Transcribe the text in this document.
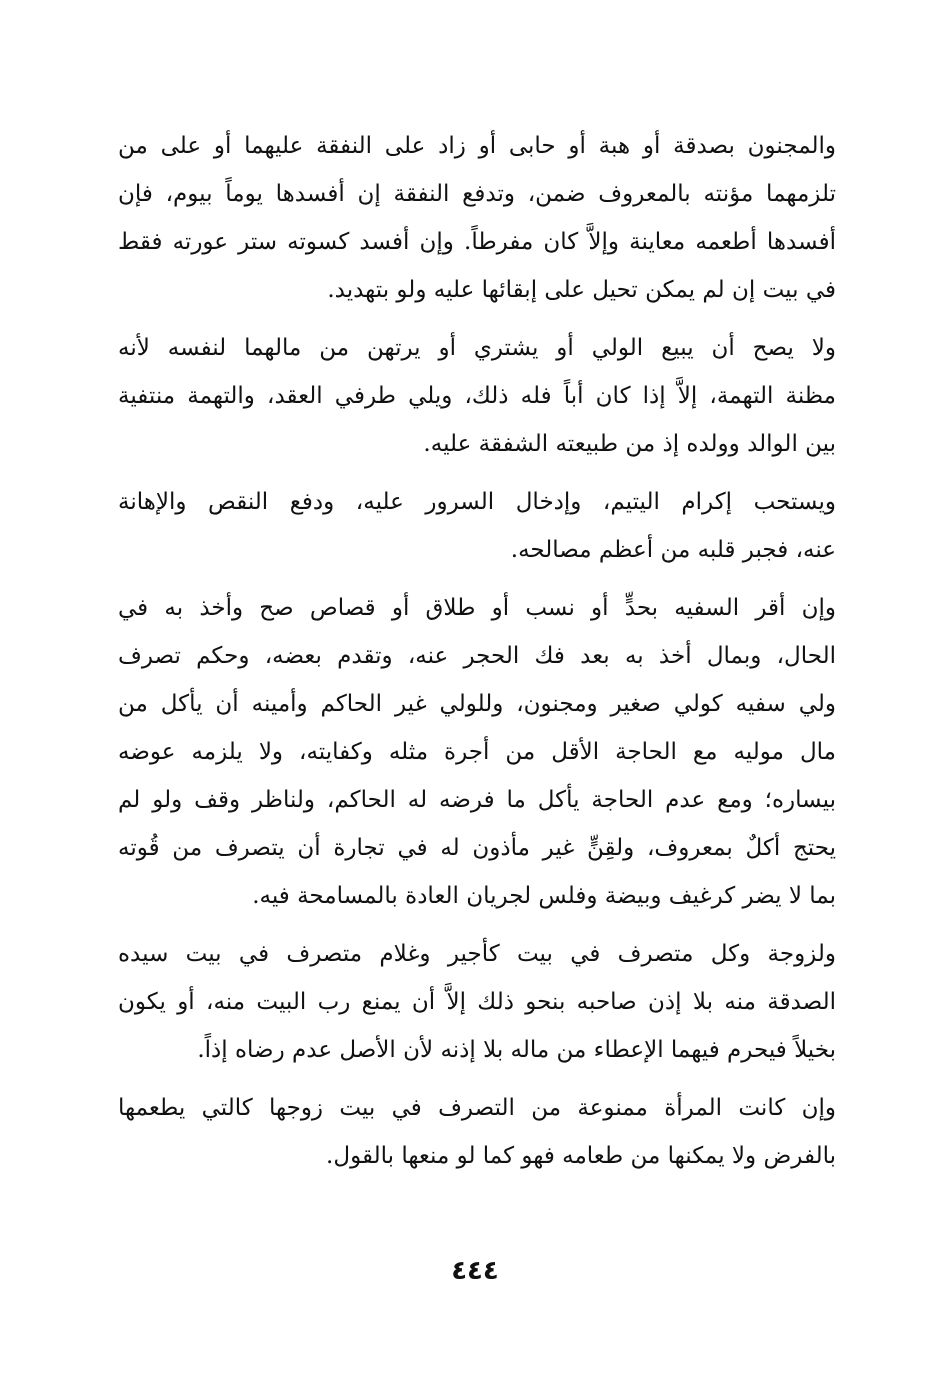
والمجنون بصدقة أو هبة أو حابى أو زاد على النفقة عليهما أو على من
تلزمهما مؤنته بالمعروف ضمن، وتدفع النفقة إن أفسدها يوماً بيوم، فإن
أفسدها أطعمه معاينة وإلاَّ كان مفرطاً. وإن أفسد كسوته ستر عورته فقط
في بيت إن لم يمكن تحيل على إبقائها عليه ولو بتهديد.
ولا يصح أن يبيع الولي أو يشتري أو يرتهن من مالهما لنفسه لأنه
مظنة التهمة، إلاَّ إذا كان أباً فله ذلك، ويلي طرفي العقد، والتهمة منتفية
بين الوالد وولده إذ من طبيعته الشفقة عليه.
ويستحب إكرام اليتيم، وإدخال السرور عليه، ودفع النقص والإهانة
عنه، فجبر قلبه من أعظم مصالحه.
وإن أقر السفيه بحدٍّ أو نسب أو طلاق أو قصاص صح وأخذ به في
الحال، وبمال أخذ به بعد فك الحجر عنه، وتقدم بعضه، وحكم تصرف
ولي سفيه كولي صغير ومجنون، وللولي غير الحاكم وأمينه أن يأكل من
مال موليه مع الحاجة الأقل من أجرة مثله وكفايته، ولا يلزمه عوضه
بيساره؛ ومع عدم الحاجة يأكل ما فرضه له الحاكم، ولناظر وقف ولو لم
يحتج أكلٌ بمعروف، ولقِنٍّ غير مأذون له في تجارة أن يتصرف من قُوته
بما لا يضر كرغيف وبيضة وفلس لجريان العادة بالمسامحة فيه.
ولزوجة وكل متصرف في بيت كأجير وغلام متصرف في بيت سيده
الصدقة منه بلا إذن صاحبه بنحو ذلك إلاَّ أن يمنع رب البيت منه، أو يكون
بخيلاً فيحرم فيهما الإعطاء من ماله بلا إذنه لأن الأصل عدم رضاه إذاً.
وإن كانت المرأة ممنوعة من التصرف في بيت زوجها كالتي يطعمها
بالفرض ولا يمكنها من طعامه فهو كما لو منعها بالقول.
٤٤٤
